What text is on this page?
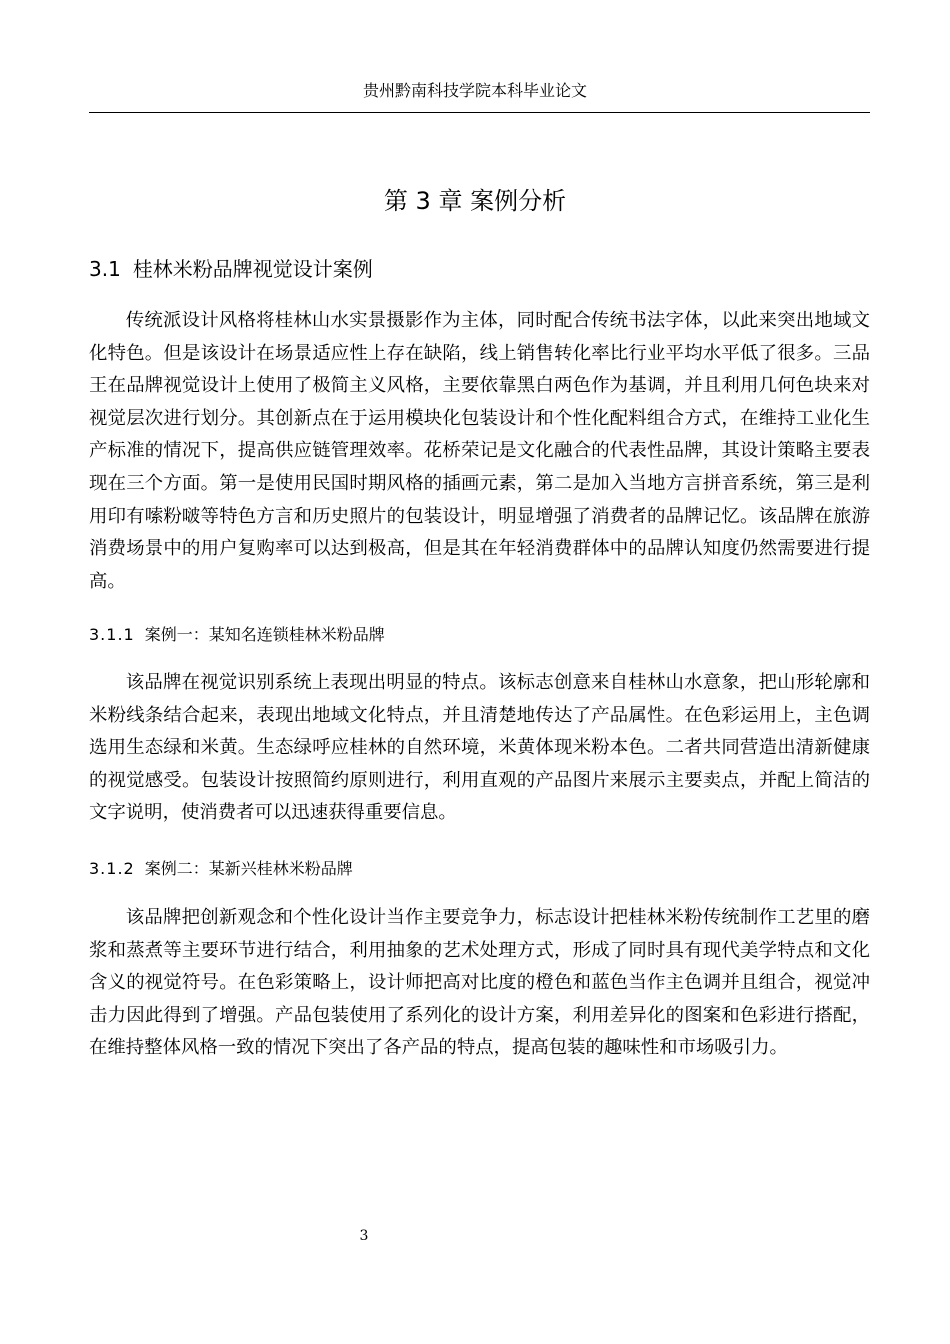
贵州黔南科技学院本科毕业论文
第 3 章 案例分析
3.1 桂林米粉品牌视觉设计案例

传统派设计风格将桂林山水实景摄影作为主体，同时配合传统书法字体，以此来突出地域文化特色。但是该设计在场景适应性上存在缺陷，线上销售转化率比行业平均水平低了很多。三品王在品牌视觉设计上使用了极简主义风格，主要依靠黑白两色作为基调，并且利用几何色块来对视觉层次进行划分。其创新点在于运用模块化包装设计和个性化配料组合方式，在维持工业化生产标准的情况下，提高供应链管理效率。花桥荣记是文化融合的代表性品牌，其设计策略主要表现在三个方面。第一是使用民国时期风格的插画元素，第二是加入当地方言拼音系统，第三是利用印有嗦粉啵等特色方言和历史照片的包装设计，明显增强了消费者的品牌记忆。该品牌在旅游消费场景中的用户复购率可以达到极高，但是其在年轻消费群体中的品牌认知度仍然需要进行提高。

3.1.1 案例一：某知名连锁桂林米粉品牌

该品牌在视觉识别系统上表现出明显的特点。该标志创意来自桂林山水意象，把山形轮廓和米粉线条结合起来，表现出地域文化特点，并且清楚地传达了产品属性。在色彩运用上，主色调选用生态绿和米黄。生态绿呼应桂林的自然环境，米黄体现米粉本色。二者共同营造出清新健康的视觉感受。包装设计按照简约原则进行，利用直观的产品图片来展示主要卖点，并配上简洁的文字说明，使消费者可以迅速获得重要信息。

3.1.2 案例二：某新兴桂林米粉品牌

该品牌把创新观念和个性化设计当作主要竞争力，标志设计把桂林米粉传统制作工艺里的磨浆和蒸煮等主要环节进行结合，利用抽象的艺术处理方式，形成了同时具有现代美学特点和文化含义的视觉符号。在色彩策略上，设计师把高对比度的橙色和蓝色当作主色调并且组合，视觉冲击力因此得到了增强。产品包装使用了系列化的设计方案，利用差异化的图案和色彩进行搭配，在维持整体风格一致的情况下突出了各产品的特点，提高包装的趣味性和市场吸引力。

3
